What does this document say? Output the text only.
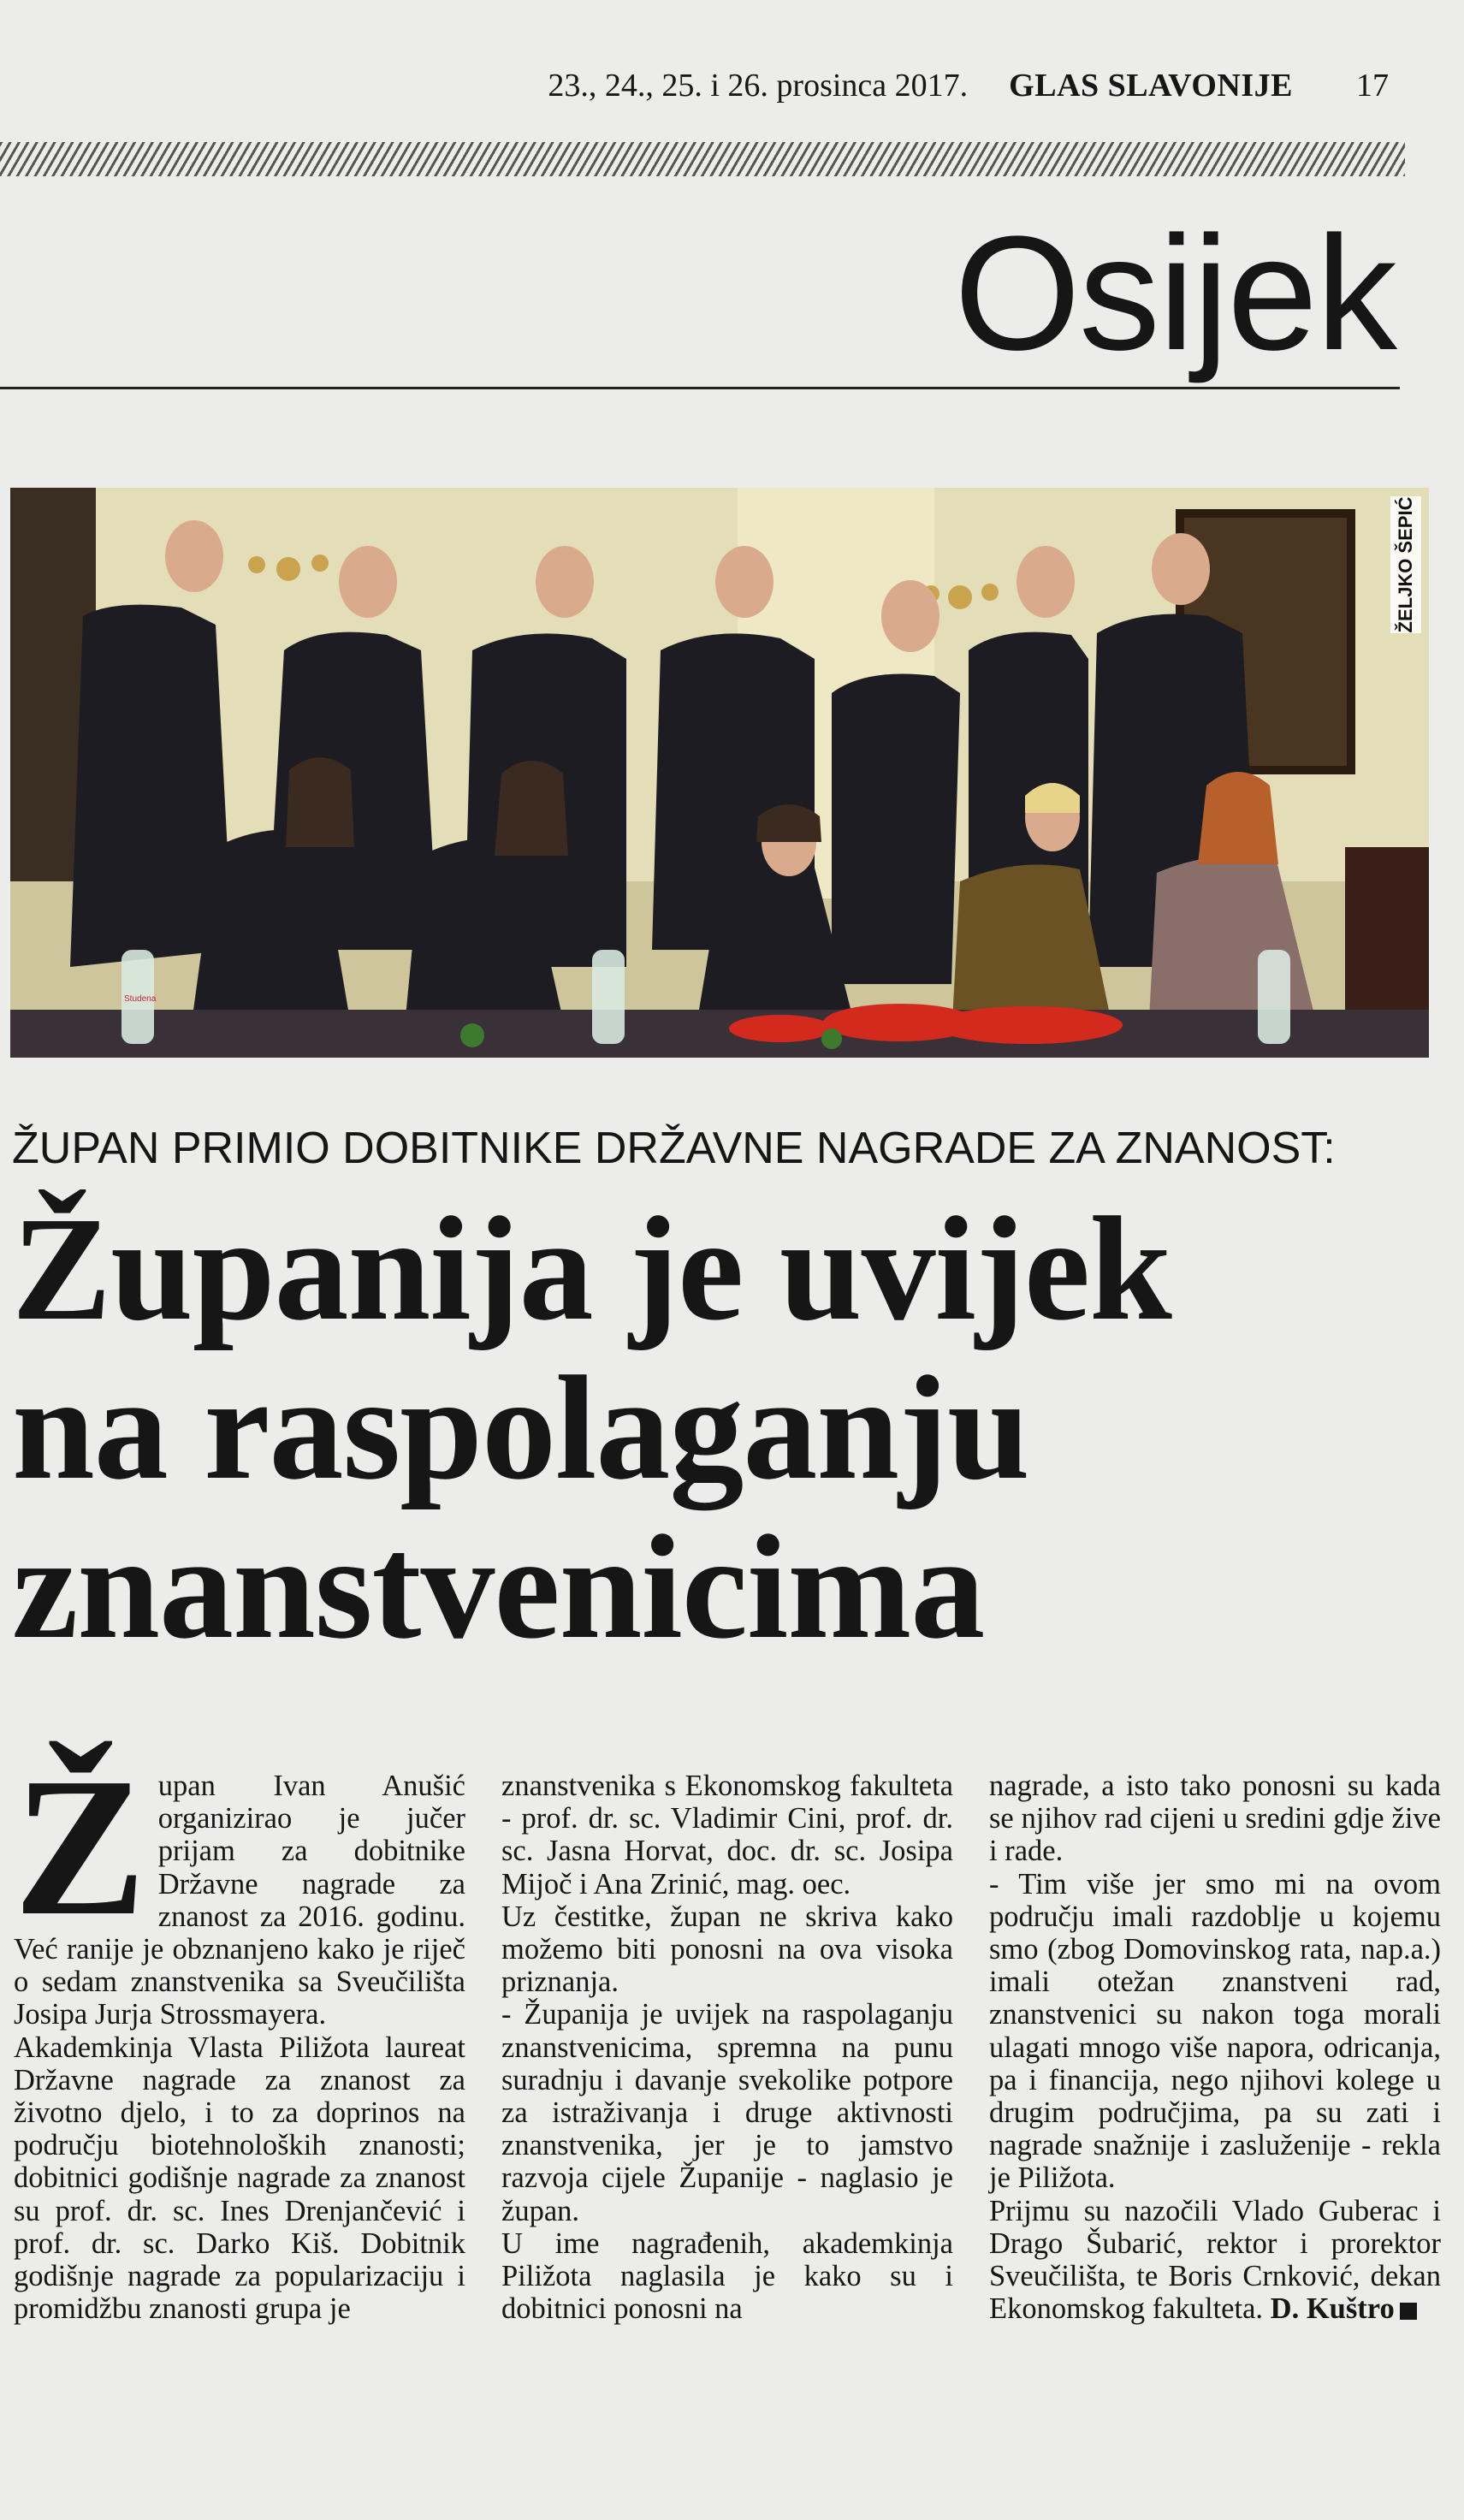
23., 24., 25. i 26. prosinca 2017. GLAS SLAVONIJE 17
Osijek
Studena
ŽELJKO ŠEPIĆ
ŽUPAN PRIMIO DOBITNIKE DRŽAVNE NAGRADE ZA ZNANOST:
Županija je uvijek
na raspolaganju
znanstvenicima

Župan Ivan Anušić organizirao je jučer prijam za dobitnike Državne nagrade za znanost za 2016. godinu. Već ranije je obznanjeno kako je riječ o sedam znanstvenika sa Sveučilišta Josipa Jurja Strossmayera.

Akademkinja Vlasta Piližota laureat Državne nagrade za znanost za životno djelo, i to za doprinos na području biotehnoloških znanosti; dobitnici godišnje nagrade za znanost su prof. dr. sc. Ines Drenjančević i prof. dr. sc. Darko Kiš. Dobitnik godišnje nagrade za popularizaciju i promidžbu znanosti grupa je

znanstvenika s Ekonomskog fakulteta - prof. dr. sc. Vladimir Cini, prof. dr. sc. Jasna Horvat, doc. dr. sc. Josipa Mijoč i Ana Zrinić, mag. oec.

Uz čestitke, župan ne skriva kako možemo biti ponosni na ova visoka priznanja.

- Županija je uvijek na raspolaganju znanstvenicima, spremna na punu suradnju i davanje svekolike potpore za istraživanja i druge aktivnosti znanstvenika, jer je to jamstvo razvoja cijele Županije - naglasio je župan.

U ime nagrađenih, akademkinja Piližota naglasila je kako su i dobitnici ponosni na

nagrade, a isto tako ponosni su kada se njihov rad cijeni u sredini gdje žive i rade.

- Tim više jer smo mi na ovom području imali razdoblje u kojemu smo (zbog Domovinskog rata, nap.a.) imali otežan znanstveni rad, znanstvenici su nakon toga morali ulagati mnogo više napora, odricanja, pa i financija, nego njihovi kolege u drugim područjima, pa su zati i nagrade snažnije i zasluženije - rekla je Piližota.

Prijmu su nazočili Vlado Guberac i Drago Šubarić, rektor i prorektor Sveučilišta, te Boris Crnković, dekan Ekonomskog fakulteta. D. Kuštro
